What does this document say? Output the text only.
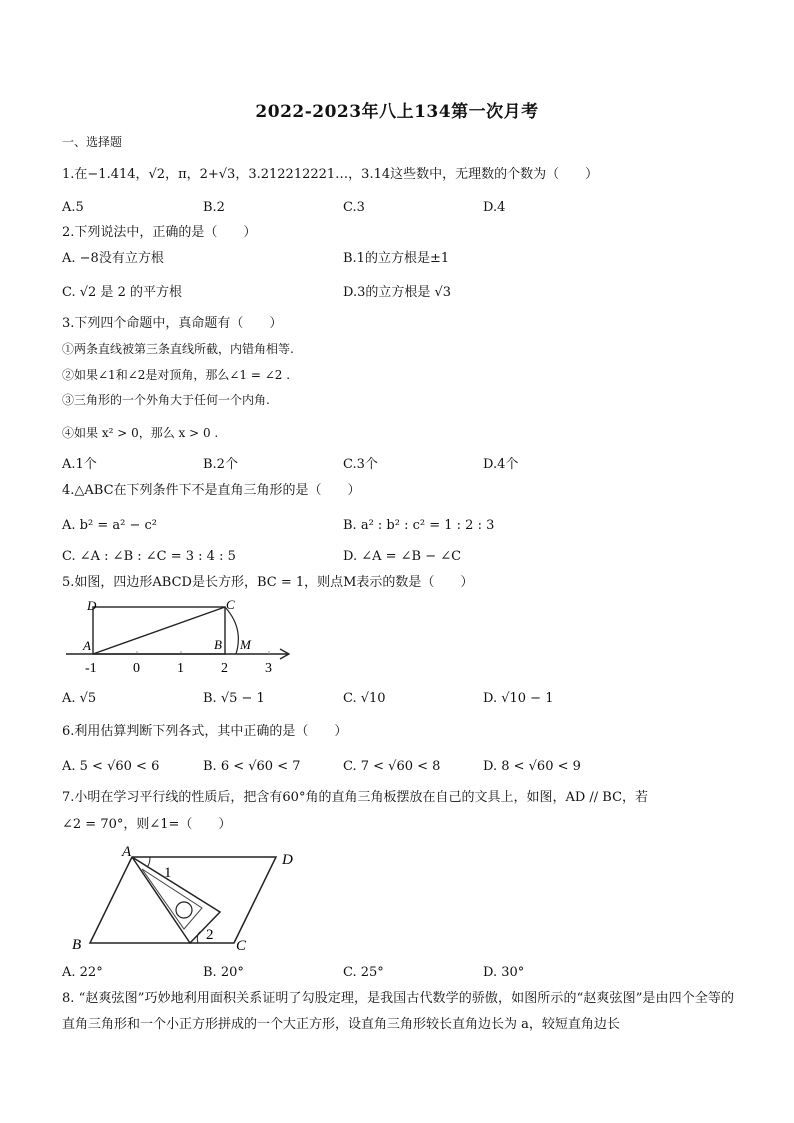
2022-2023年八上134第一次月考
一、选择题
1.在−1.414，√2，π，2+√3，3.212212221…，3.14这些数中，无理数的个数为（　　）
A.5	B.2	C.3	D.4
2.下列说法中，正确的是（　　）
A. −8没有立方根	B.1的立方根是±1
C. √2 是 2 的平方根	D.3的立方根是 √3
3.下列四个命题中，真命题有（　　）
①两条直线被第三条直线所截，内错角相等.
②如果∠1和∠2是对顶角，那么∠1 = ∠2 .
③三角形的一个外角大于任何一个内角.
④如果 x² > 0，那么 x > 0 .
A.1个	B.2个	C.3个	D.4个
4.△ABC在下列条件下不是直角三角形的是（　　）
A. b² = a² − c²	B. a² : b² : c² = 1 : 2 : 3
C. ∠A : ∠B : ∠C = 3 : 4 : 5	D. ∠A = ∠B − ∠C
5.如图，四边形ABCD是长方形，BC = 1，则点M表示的数是（　　）
D	C
A	B M
-1	0	1	2	3
A. √5	B. √5 − 1	C. √10	D. √10 − 1
6.利用估算判断下列各式，其中正确的是（　　）
A. 5 < √60 < 6	B. 6 < √60 < 7	C. 7 < √60 < 8	D. 8 < √60 < 9
7.小明在学习平行线的性质后，把含有60°角的直角三角板摆放在自己的文具上，如图，AD // BC，若
∠2 = 70°，则∠1=（　　）
A	D
B	C
1
2
A. 22°	B. 20°	C. 25°	D. 30°
8. “赵爽弦图”巧妙地利用面积关系证明了勾股定理，是我国古代数学的骄傲，如图所示的“赵爽弦图”是由四个全等的直角三角形和一个小正方形拼成的一个大正方形，设直角三角形较长直角边长为 a，较短直角边长
